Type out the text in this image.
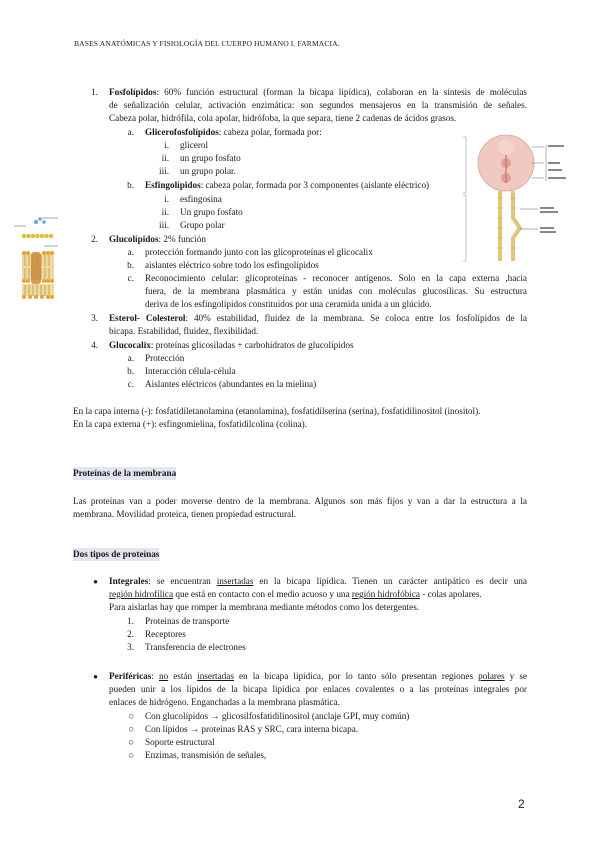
BASES ANATÓMICAS Y FISIOLOGÍA DEL CUERPO HUMANO I. FARMACIA.
1. Fosfolípidos: 60% función estructural (forman la bicapa lipídica), colaboran en la síntesis de moléculas
de señalización celular, activación enzimática: son segundos mensajeros en la transmisión de señales.
Cabeza polar, hidrófila, cola apolar, hidrófoba, la que separa, tiene 2 cadenas de ácidos grasos.
a. Glicerofosfolípidos: cabeza polar, formada por:
i. glicerol
ii. un grupo fosfato
iii. un grupo polar.
b. Esfingolípidos: cabeza polar, formada por 3 componentes (aislante eléctrico)
i. esfingosina
ii. Un grupo fosfato
iii. Grupo polar
2. Glucolípidos: 2% función
a. protección formando junto con las glicoproteínas el glicocalix
b. aislantes eléctrico sobre todo los esfingolípidos
c. Reconocimiento celular: glicoproteínas - reconocer antígenos. Solo en la capa externa ,hacia
fuera, de la membrana plasmática y están unidas con moléculas glucosílicas. Su estructura
deriva de los esfingolípidos constituidos por una ceramida unida a un glúcido.
3. Esterol- Colesterol: 40% estabilidad, fluidez de la membrana. Se coloca entre los fosfolípidos de la
bicapa. Estabilidad, fluidez, flexibilidad.
4. Glucocalix: proteínas glicosiladas + carbohidratos de glucolípidos
a. Protección
b. Interacción célula-célula
c. Aislantes eléctricos (abundantes en la mielina)
En la capa interna (-): fosfatidiletanolamina (etanolamina), fosfatidilserina (serina), fosfatidilinositol (inositol).
En la capa externa (+): esfingomielina, fosfatidilcolina (colina).
Proteínas de la membrana
Las proteínas van a poder moverse dentro de la membrana. Algunos son más fijos y van a dar la estructura a la
membrana. Movilidad proteica, tienen propiedad estructural.
Dos tipos de proteínas
● Integrales: se encuentran insertadas en la bicapa lipídica. Tienen un carácter antipático es decir una
región hidrofílica que está en contacto con el medio acuoso y una región hidrofóbica - colas apolares.
Para aislarlas hay que romper la membrana mediante métodos como los detergentes.
1. Proteínas de transporte
2. Receptores
3. Transferencia de electrones
● Periféricas: no están insertadas en la bicapa lipídica, por lo tanto sólo presentan regiones polares y se
pueden unir a los lípidos de la bicapa lipídica por enlaces covalentes o a las proteínas integrales por
enlaces de hidrógeno. Enganchadas a la membrana plasmática.
○ Con glucolípidos → glicosilfosfatidilinositol (anclaje GPI, muy común)
○ Con lípidos → proteínas RAS y SRC, cara interna bicapa.
○ Soporte estructural
○ Enzimas, transmisión de señales,
2
